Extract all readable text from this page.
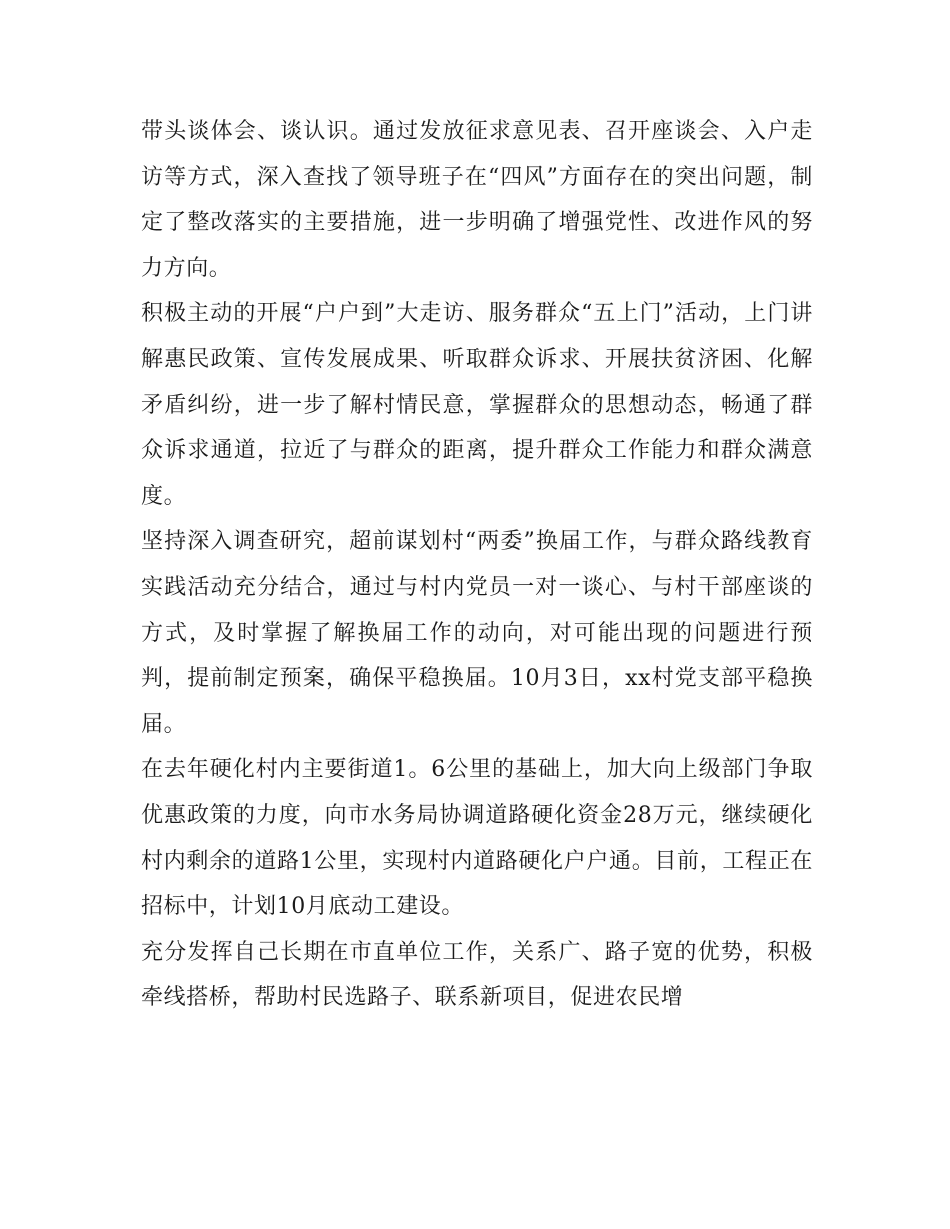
带头谈体会、谈认识。通过发放征求意见表、召开座谈会、入户走访等方式，深入查找了领导班子在“四风”方面存在的突出问题，制定了整改落实的主要措施，进一步明确了增强党性、改进作风的努力方向。

积极主动的开展“户户到”大走访、服务群众“五上门”活动，上门讲解惠民政策、宣传发展成果、听取群众诉求、开展扶贫济困、化解矛盾纠纷，进一步了解村情民意，掌握群众的思想动态，畅通了群众诉求通道，拉近了与群众的距离，提升群众工作能力和群众满意度。

坚持深入调查研究，超前谋划村“两委”换届工作，与群众路线教育实践活动充分结合，通过与村内党员一对一谈心、与村干部座谈的方式，及时掌握了解换届工作的动向，对可能出现的问题进行预判，提前制定预案，确保平稳换届。10月3日，xx村党支部平稳换届。

在去年硬化村内主要街道1。6公里的基础上，加大向上级部门争取优惠政策的力度，向市水务局协调道路硬化资金28万元，继续硬化村内剩余的道路1公里，实现村内道路硬化户户通。目前，工程正在招标中，计划10月底动工建设。

充分发挥自己长期在市直单位工作，关系广、路子宽的优势，积极牵线搭桥，帮助村民选路子、联系新项目，促进农民增
